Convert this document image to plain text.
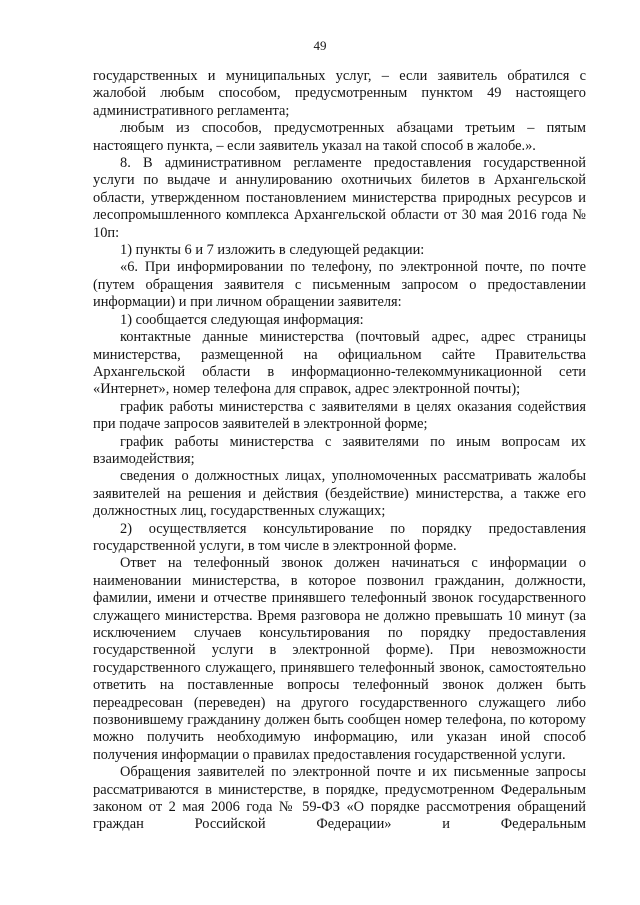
49

государственных и муниципальных услуг, – если заявитель обратился с жалобой любым способом, предусмотренным пунктом 49 настоящего административного регламента;

любым из способов, предусмотренных абзацами третьим – пятым настоящего пункта, – если заявитель указал на такой способ в жалобе.».

8. В административном регламенте предоставления государственной услуги по выдаче и аннулированию охотничьих билетов в Архангельской области, утвержденном постановлением министерства природных ресурсов и лесопромышленного комплекса Архангельской области от 30 мая 2016 года № 10п:

1) пункты 6 и 7 изложить в следующей редакции:

«6. При информировании по телефону, по электронной почте, по почте (путем обращения заявителя с письменным запросом о предоставлении информации) и при личном обращении заявителя:

1) сообщается следующая информация:

контактные данные министерства (почтовый адрес, адрес страницы министерства, размещенной на официальном сайте Правительства Архангельской области в информационно-телекоммуникационной сети «Интернет», номер телефона для справок, адрес электронной почты);

график работы министерства с заявителями в целях оказания содействия при подаче запросов заявителей в электронной форме;

график работы министерства с заявителями по иным вопросам их взаимодействия;

сведения о должностных лицах, уполномоченных рассматривать жалобы заявителей на решения и действия (бездействие) министерства, а также его должностных лиц, государственных служащих;

2) осуществляется консультирование по порядку предоставления государственной услуги, в том числе в электронной форме.

Ответ на телефонный звонок должен начинаться с информации о наименовании министерства, в которое позвонил гражданин, должности, фамилии, имени и отчестве принявшего телефонный звонок государственного служащего министерства. Время разговора не должно превышать 10 минут (за исключением случаев консультирования по порядку предоставления государственной услуги в электронной форме). При невозможности государственного служащего, принявшего телефонный звонок, самостоятельно ответить на поставленные вопросы телефонный звонок должен быть переадресован (переведен) на другого государственного служащего либо позвонившему гражданину должен быть сообщен номер телефона, по которому можно получить необходимую информацию, или указан иной способ получения информации о правилах предоставления государственной услуги.

Обращения заявителей по электронной почте и их письменные запросы рассматриваются в министерстве, в порядке, предусмотренном Федеральным законом от 2 мая 2006 года № 59-ФЗ «О порядке рассмотрения обращений граждан Российской Федерации» и Федеральным
